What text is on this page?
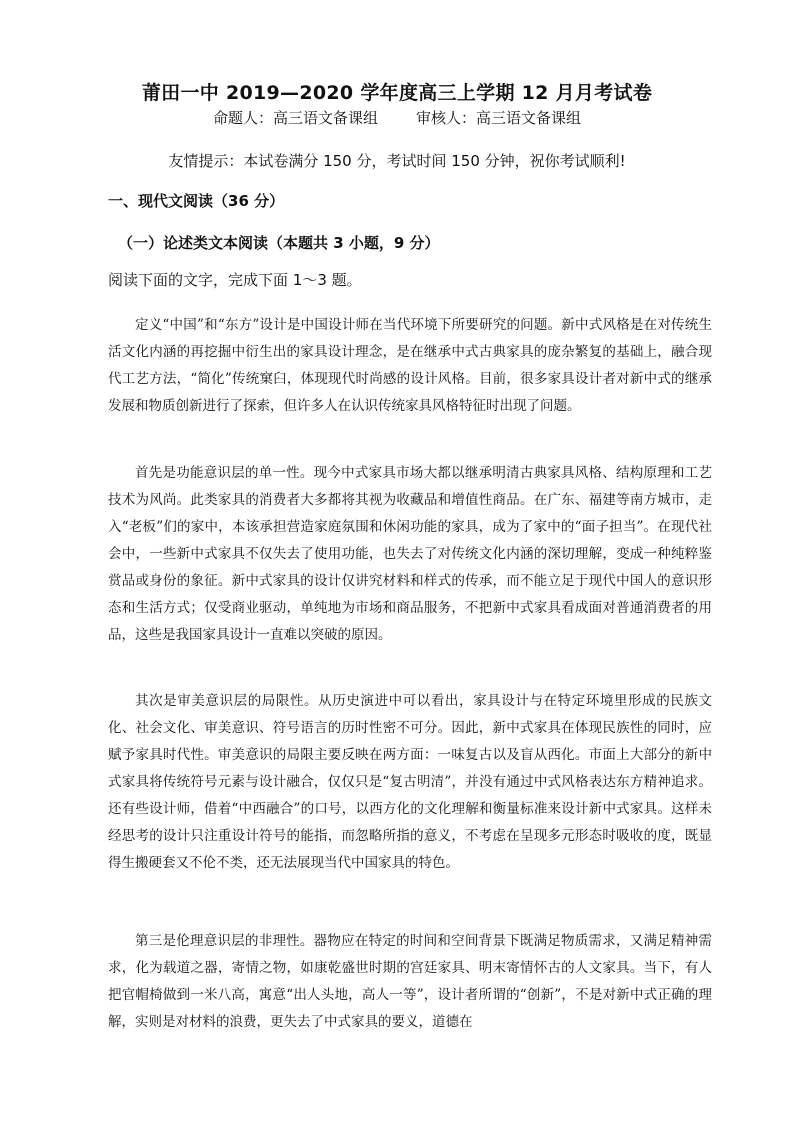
莆田一中 2019—2020 学年度高三上学期 12 月月考试卷
命题人：高三语文备课组	审核人：高三语文备课组
友情提示：本试卷满分 150 分，考试时间 150 分钟，祝你考试顺利!
一、现代文阅读（36 分）
（一）论述类文本阅读（本题共 3 小题，9 分）
阅读下面的文字，完成下面 1～3 题。

定义“中国”和“东方”设计是中国设计师在当代环境下所要研究的问题。新中式风格是在对传统生活文化内涵的再挖掘中衍生出的家具设计理念，是在继承中式古典家具的庞杂繁复的基础上，融合现代工艺方法，“简化”传统窠臼，体现现代时尚感的设计风格。目前，很多家具设计者对新中式的继承发展和物质创新进行了探索，但许多人在认识传统家具风格特征时出现了问题。

首先是功能意识层的单一性。现今中式家具市场大都以继承明清古典家具风格、结构原理和工艺技术为风尚。此类家具的消费者大多都将其视为收藏品和增值性商品。在广东、福建等南方城市，走入“老板”们的家中，本该承担营造家庭氛围和休闲功能的家具，成为了家中的“面子担当”。在现代社会中，一些新中式家具不仅失去了使用功能，也失去了对传统文化内涵的深切理解，变成一种纯粹鉴赏品或身份的象征。新中式家具的设计仅讲究材料和样式的传承，而不能立足于现代中国人的意识形态和生活方式；仅受商业驱动，单纯地为市场和商品服务，不把新中式家具看成面对普通消费者的用品，这些是我国家具设计一直难以突破的原因。

其次是审美意识层的局限性。从历史演进中可以看出，家具设计与在特定环境里形成的民族文化、社会文化、审美意识、符号语言的历时性密不可分。因此，新中式家具在体现民族性的同时，应赋予家具时代性。审美意识的局限主要反映在两方面：一味复古以及盲从西化。市面上大部分的新中式家具将传统符号元素与设计融合，仅仅只是“复古明清”，并没有通过中式风格表达东方精神追求。还有些设计师，借着“中西融合”的口号，以西方化的文化理解和衡量标准来设计新中式家具。这样未经思考的设计只注重设计符号的能指，而忽略所指的意义，不考虑在呈现多元形态时吸收的度，既显得生搬硬套又不伦不类，还无法展现当代中国家具的特色。

第三是伦理意识层的非理性。器物应在特定的时间和空间背景下既满足物质需求，又满足精神需求，化为载道之器，寄情之物，如康乾盛世时期的宫廷家具、明末寄情怀古的人文家具。当下，有人把官帽椅做到一米八高，寓意“出人头地，高人一等”，设计者所谓的“创新”，不是对新中式正确的理解，实则是对材料的浪费，更失去了中式家具的要义，道德在
